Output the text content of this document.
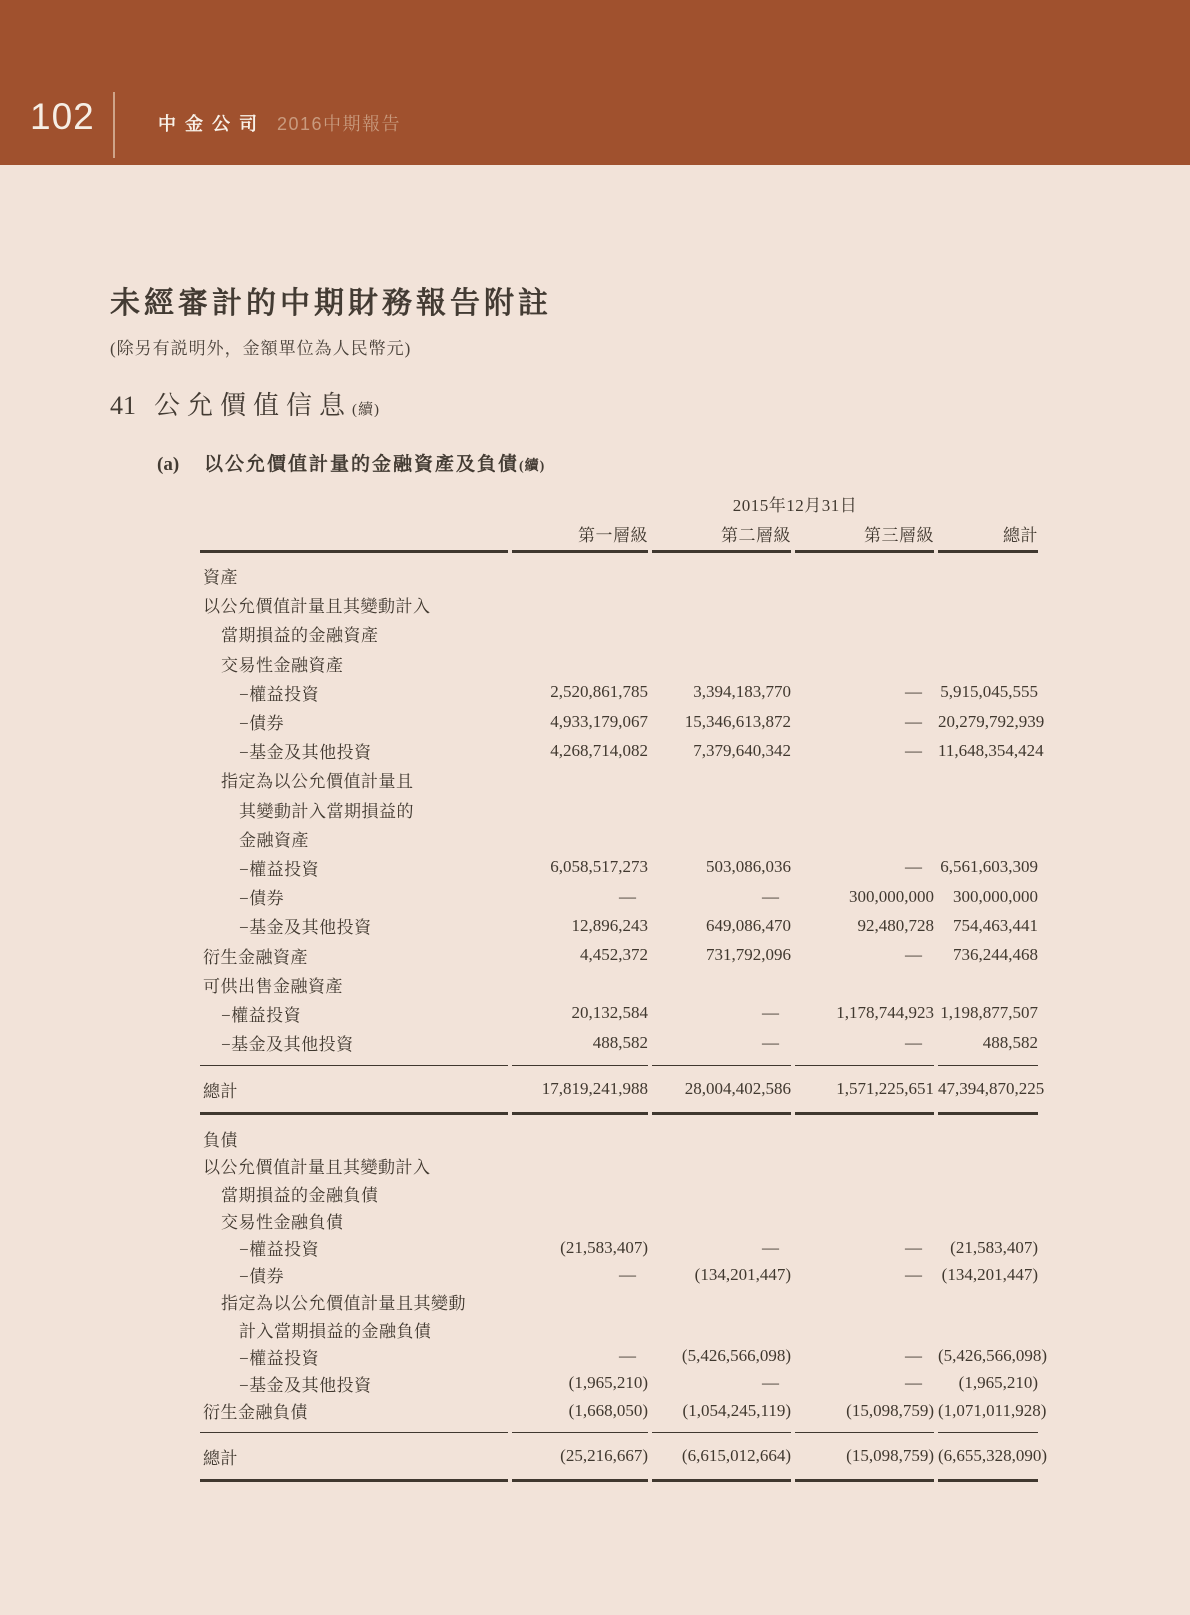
102	中金公司 2016中期報告
未經審計的中期財務報告附註

(除另有説明外，金額單位為人民幣元)

41 公允價值信息(續)
(a) 以公允價值計量的金融資產及負債(續)
2015年12月31日
第一層級	第二層級	第三層級	總計
資產
以公允價值計量且其變動計入
當期損益的金融資產
交易性金融資產
−權益投資	2,520,861,785	3,394,183,770	—	5,915,045,555
−債券	4,933,179,067	15,346,613,872	— 20,279,792,939
−基金及其他投資	4,268,714,082	7,379,640,342	— 11,648,354,424
指定為以公允價值計量且
其變動計入當期損益的
金融資產
−權益投資	6,058,517,273	503,086,036	—	6,561,603,309
−債券	—	—	300,000,000	300,000,000
−基金及其他投資	12,896,243	649,086,470	92,480,728	754,463,441
衍生金融資產	4,452,372	731,792,096	—	736,244,468
可供出售金融資產
−權益投資	20,132,584	—	1,178,744,923 1,198,877,507
−基金及其他投資	488,582	—	—	488,582
總計	17,819,241,988	28,004,402,586	1,571,225,651 47,394,870,225
負債
以公允價值計量且其變動計入
當期損益的金融負債
交易性金融負債
−權益投資	(21,583,407)	—	—	(21,583,407)
−債券	—	(134,201,447)	—	(134,201,447)
指定為以公允價值計量且其變動
計入當期損益的金融負債
−權益投資	—	(5,426,566,098)	— (5,426,566,098)
−基金及其他投資	(1,965,210)	—	—	(1,965,210)
衍生金融負債	(1,668,050)	(1,054,245,119)	(15,098,759) (1,071,011,928)
總計	(25,216,667)	(6,615,012,664)	(15,098,759) (6,655,328,090)
